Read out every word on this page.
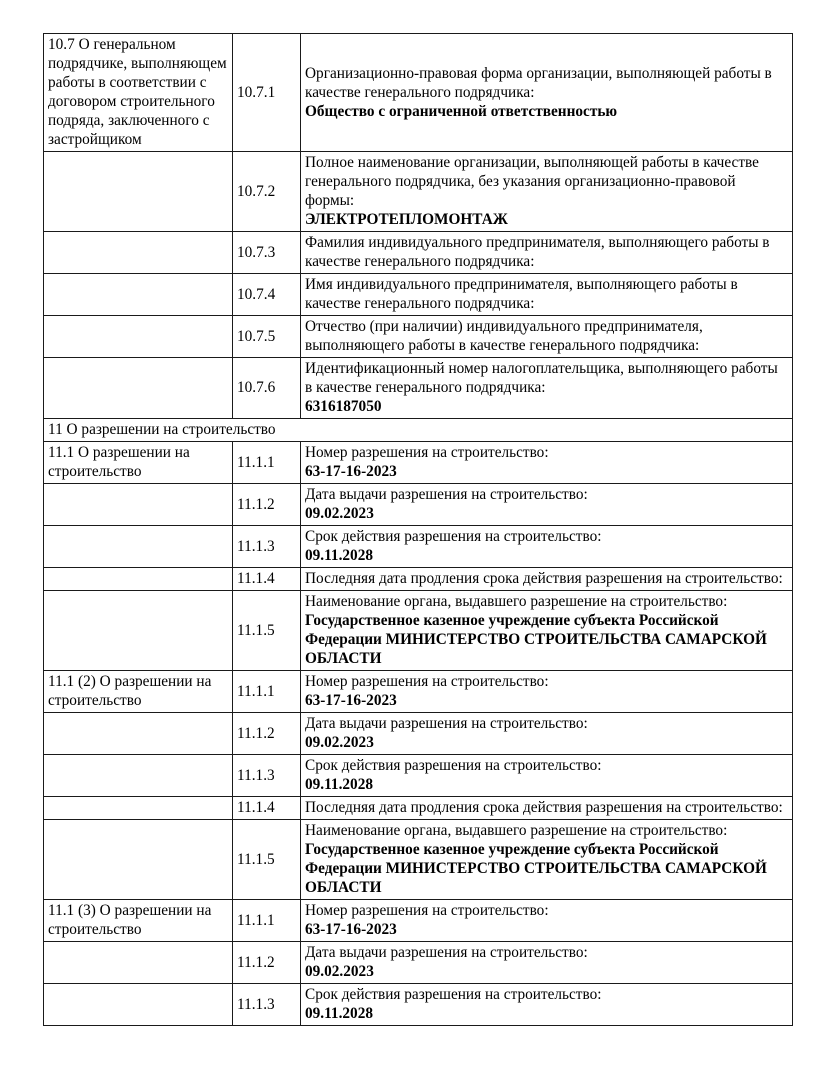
10.7 О генеральном подрядчике, выполняющем работы в соответствии с договором строительного подряда, заключенного с застройщиком	10.7.1	Организационно-правовая форма организации, выполняющей работы в качестве генерального подрядчика:
Общество с ограниченной ответственностью

	10.7.2	Полное наименование организации, выполняющей работы в качестве генерального подрядчика, без указания организационно-правовой формы:
ЭЛЕКТРОТЕПЛОМОНТАЖ

	10.7.3	Фамилия индивидуального предпринимателя, выполняющего работы в качестве генерального подрядчика:

	10.7.4	Имя индивидуального предпринимателя, выполняющего работы в качестве генерального подрядчика:

	10.7.5	Отчество (при наличии) индивидуального предпринимателя, выполняющего работы в качестве генерального подрядчика:

	10.7.6	Идентификационный номер налогоплательщика, выполняющего работы в качестве генерального подрядчика:
6316187050

11 О разрешении на строительство		
11.1 О разрешении на строительство	11.1.1	Номер разрешения на строительство:
63-17-16-2023

	11.1.2	Дата выдачи разрешения на строительство:
09.02.2023

	11.1.3	Срок действия разрешения на строительство:
09.11.2028

	11.1.4	Последняя дата продления срока действия разрешения на строительство:

	11.1.5	Наименование органа, выдавшего разрешение на строительство:
Государственное казенное учреждение субъекта Российской Федерации МИНИСТЕРСТВО СТРОИТЕЛЬСТВА САМАРСКОЙ ОБЛАСТИ

11.1 (2) О разрешении на строительство	11.1.1	Номер разрешения на строительство:
63-17-16-2023

	11.1.2	Дата выдачи разрешения на строительство:
09.02.2023

	11.1.3	Срок действия разрешения на строительство:
09.11.2028

	11.1.4	Последняя дата продления срока действия разрешения на строительство:

	11.1.5	Наименование органа, выдавшего разрешение на строительство:
Государственное казенное учреждение субъекта Российской Федерации МИНИСТЕРСТВО СТРОИТЕЛЬСТВА САМАРСКОЙ ОБЛАСТИ

11.1 (3) О разрешении на строительство	11.1.1	Номер разрешения на строительство:
63-17-16-2023

	11.1.2	Дата выдачи разрешения на строительство:
09.02.2023

	11.1.3	Срок действия разрешения на строительство:
09.11.2028
